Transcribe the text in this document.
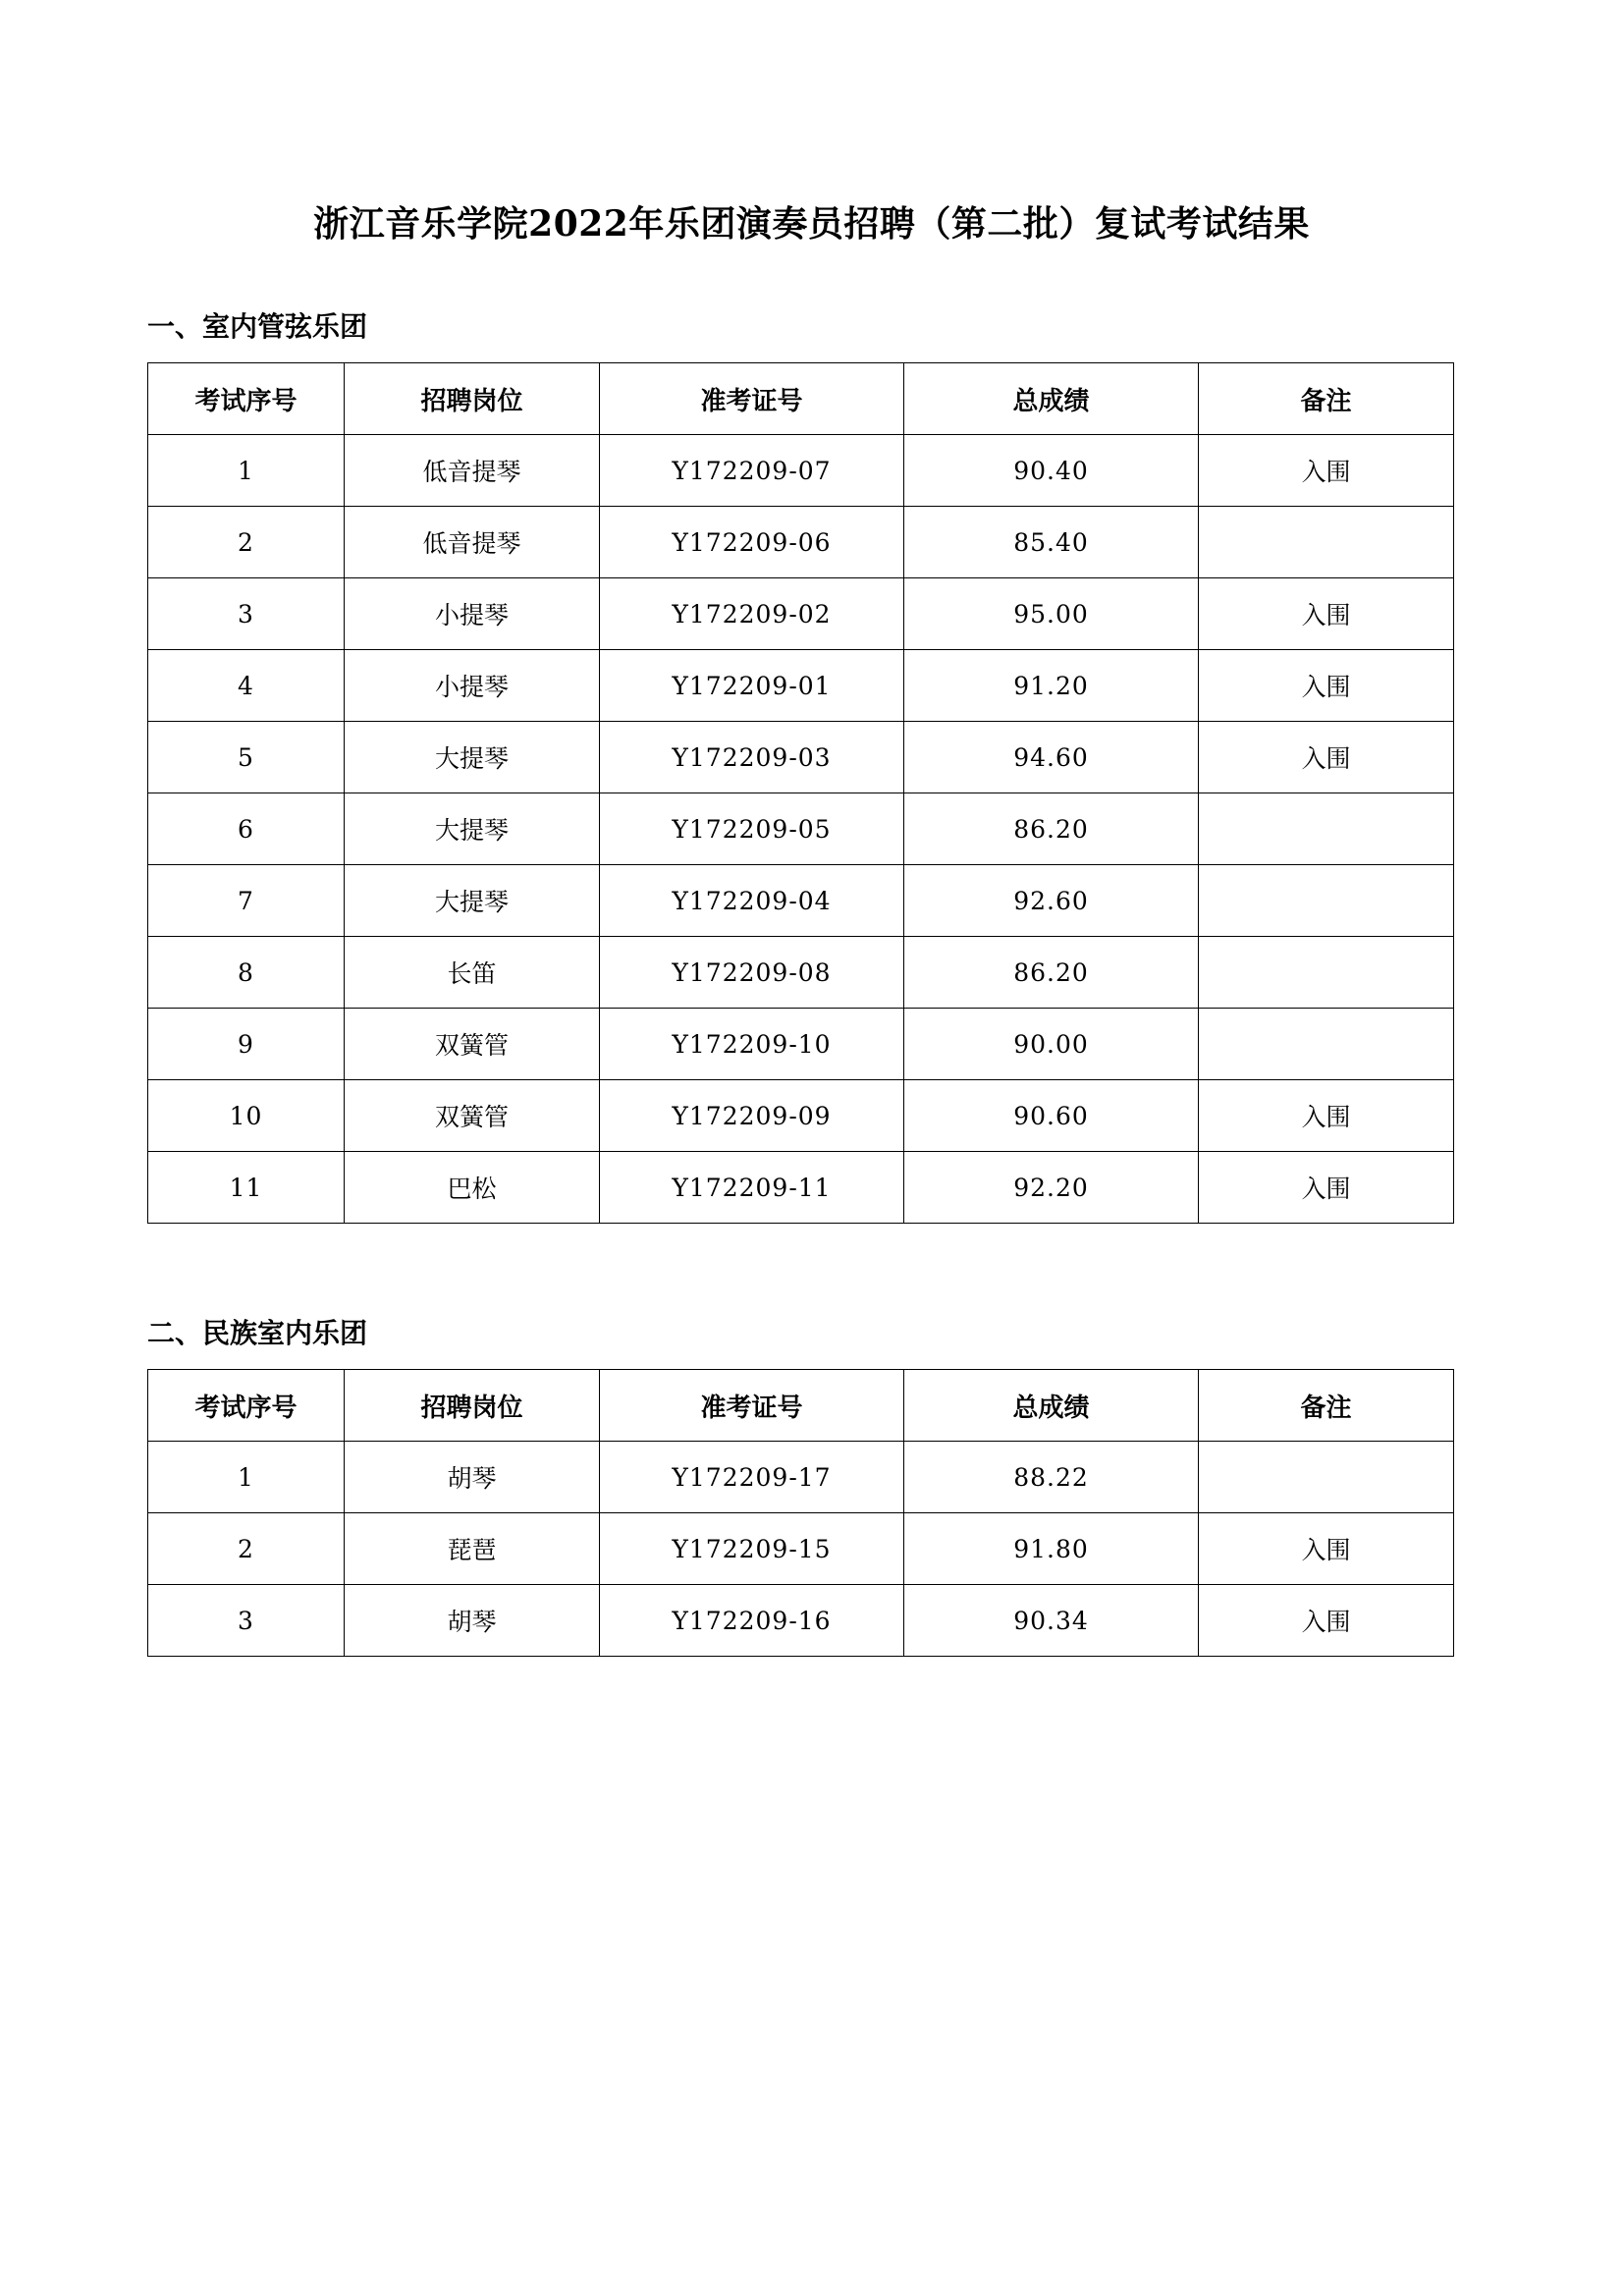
浙江音乐学院2022年乐团演奏员招聘（第二批）复试考试结果
一、室内管弦乐团
考试序号	招聘岗位	准考证号	总成绩	备注
1	低音提琴	Y172209-07	90.40	入围
2	低音提琴	Y172209-06	85.40	
3	小提琴	Y172209-02	95.00	入围
4	小提琴	Y172209-01	91.20	入围
5	大提琴	Y172209-03	94.60	入围
6	大提琴	Y172209-05	86.20	
7	大提琴	Y172209-04	92.60	
8	长笛	Y172209-08	86.20	
9	双簧管	Y172209-10	90.00	
10	双簧管	Y172209-09	90.60	入围
11	巴松	Y172209-11	92.20	入围
二、民族室内乐团
考试序号	招聘岗位	准考证号	总成绩	备注
1	胡琴	Y172209-17	88.22	
2	琵琶	Y172209-15	91.80	入围
3	胡琴	Y172209-16	90.34	入围
